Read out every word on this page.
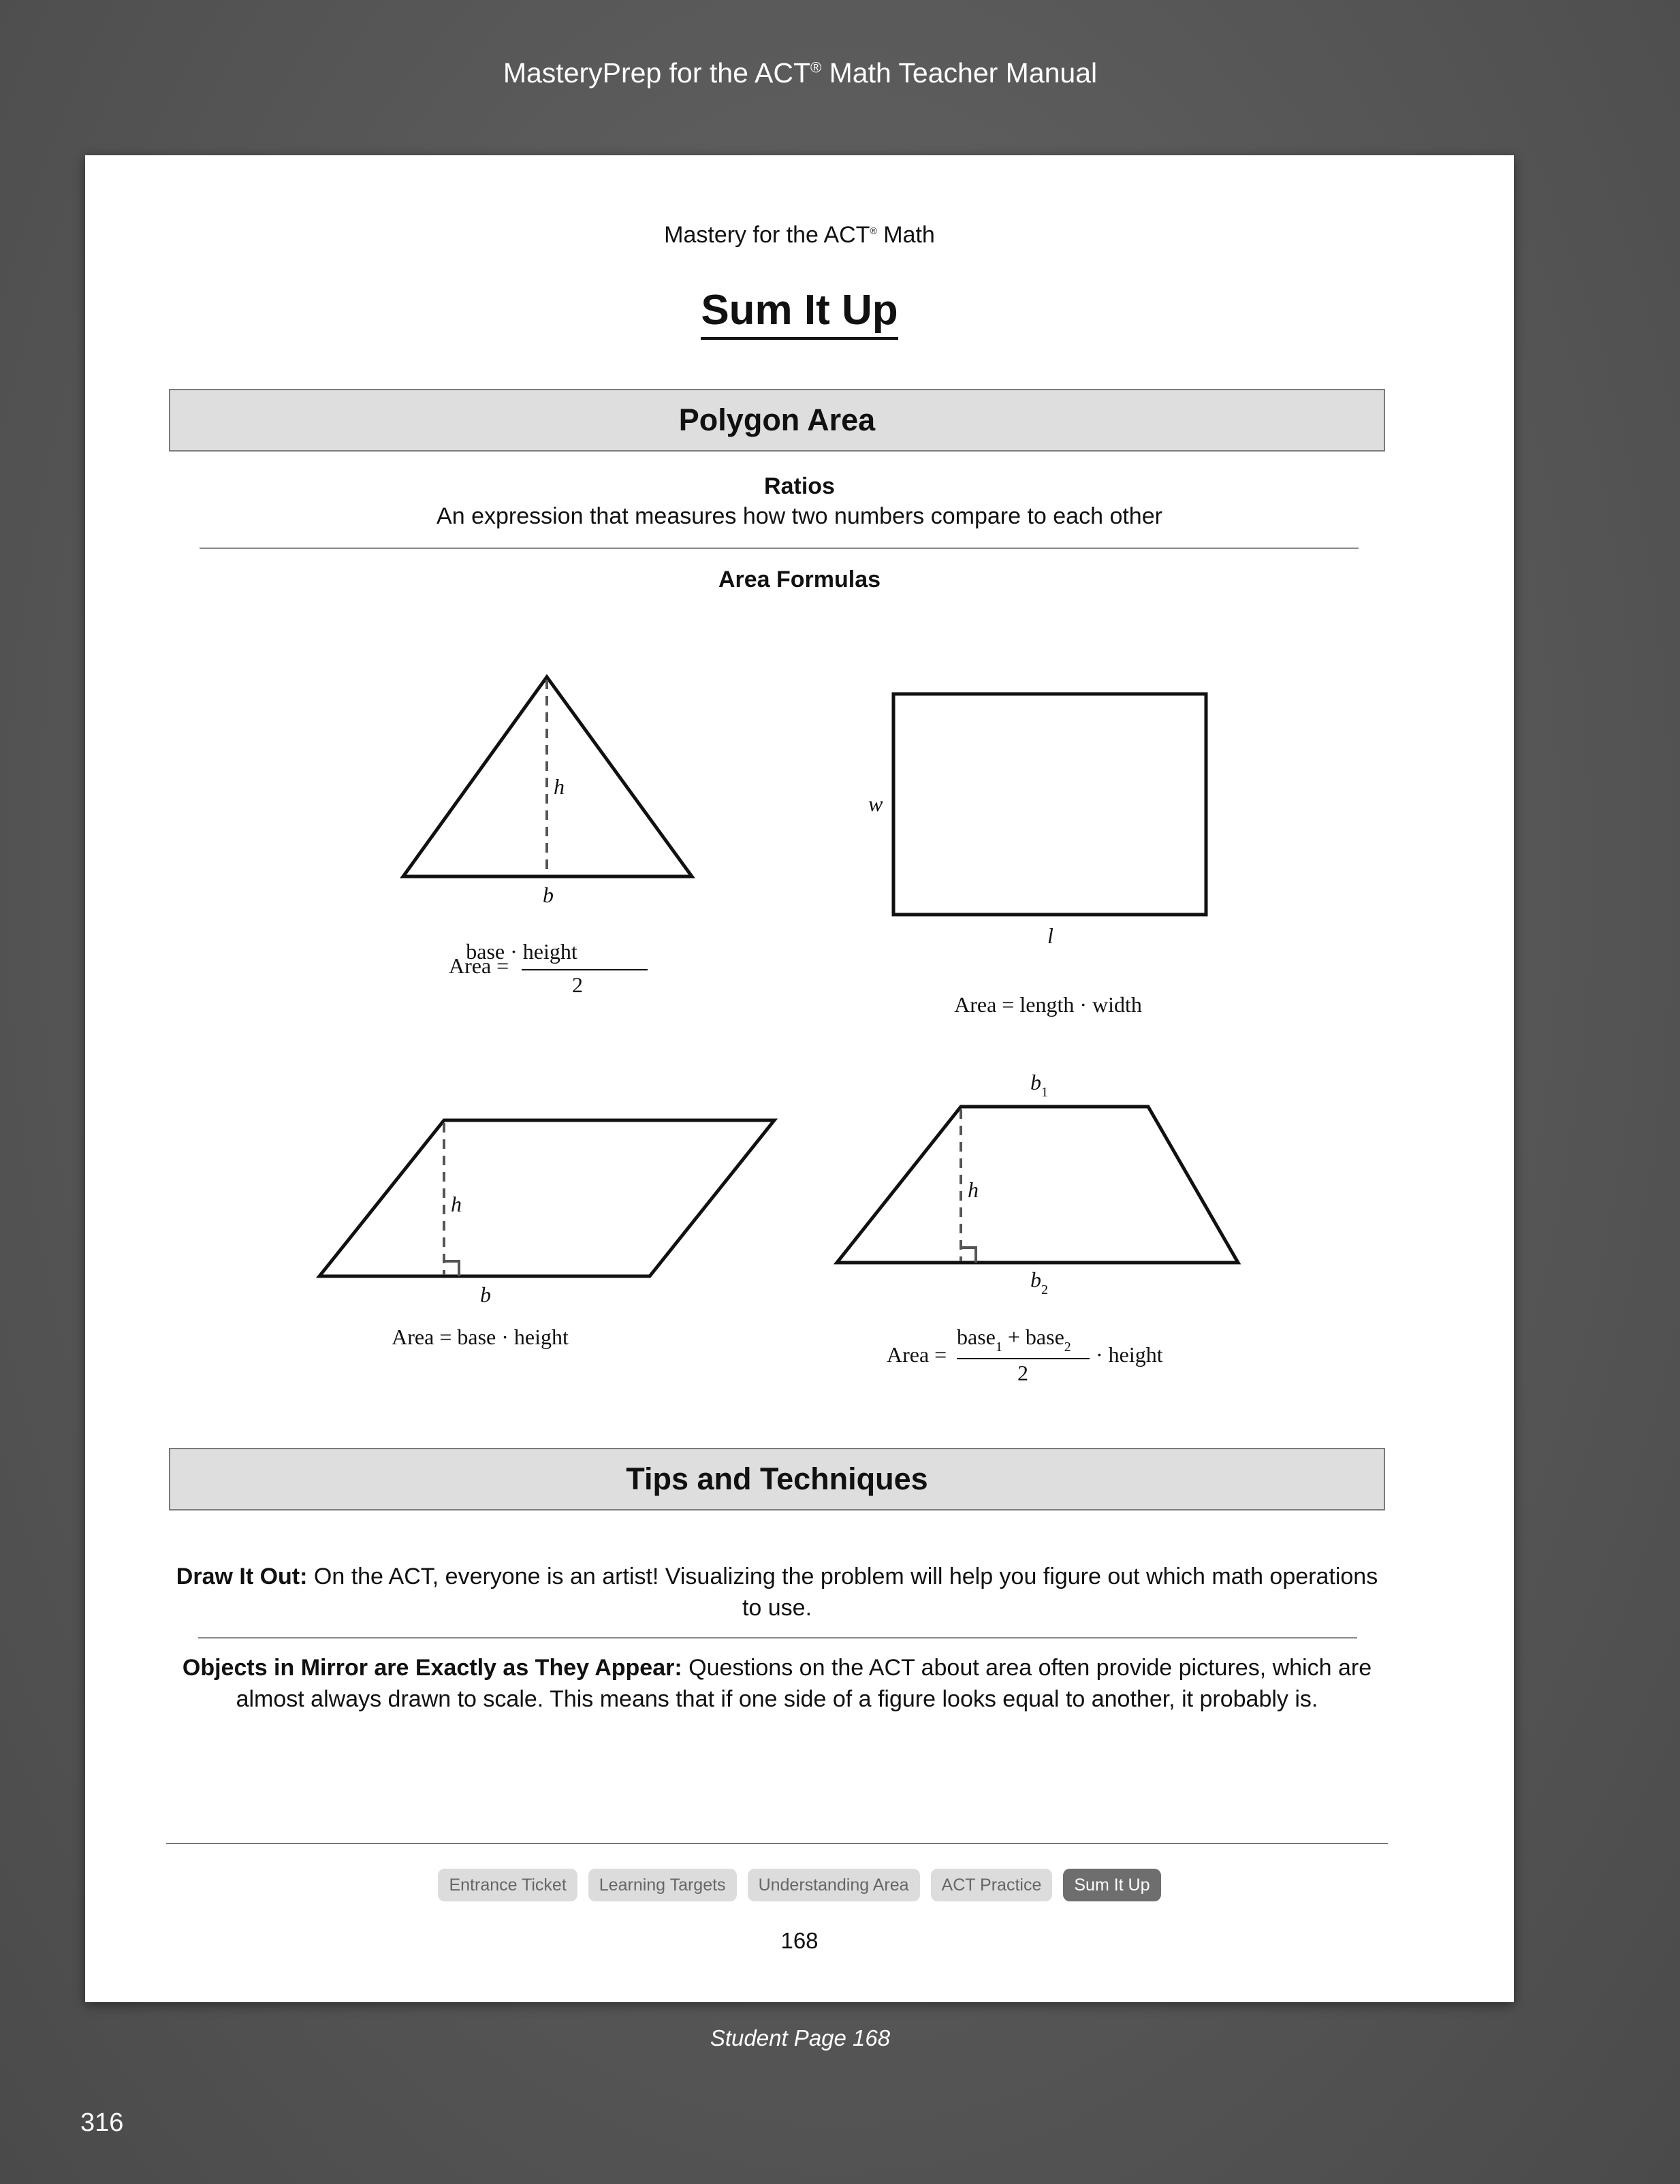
MasteryPrep for the ACT® Math Teacher Manual
Mastery for the ACT® Math
Sum It Up
Polygon Area
Ratios
An expression that measures how two numbers compare to each other
Area Formulas
h
b
Area =
base · height
2
w
l
Area = length · width
h
b
Area = base · height
h
$b_1$
$b_2$
Area =
base$_1$ + base$_2$
2
· height
Tips and Techniques
Draw It Out: On the ACT, everyone is an artist! Visualizing the problem will help you figure out which math operations to use.
Objects in Mirror are Exactly as They Appear: Questions on the ACT about area often provide pictures, which are almost always drawn to scale. This means that if one side of a figure looks equal to another, it probably is.
Entrance Ticket Learning Targets Understanding Area ACT Practice Sum It Up
168
Student Page 168
316
